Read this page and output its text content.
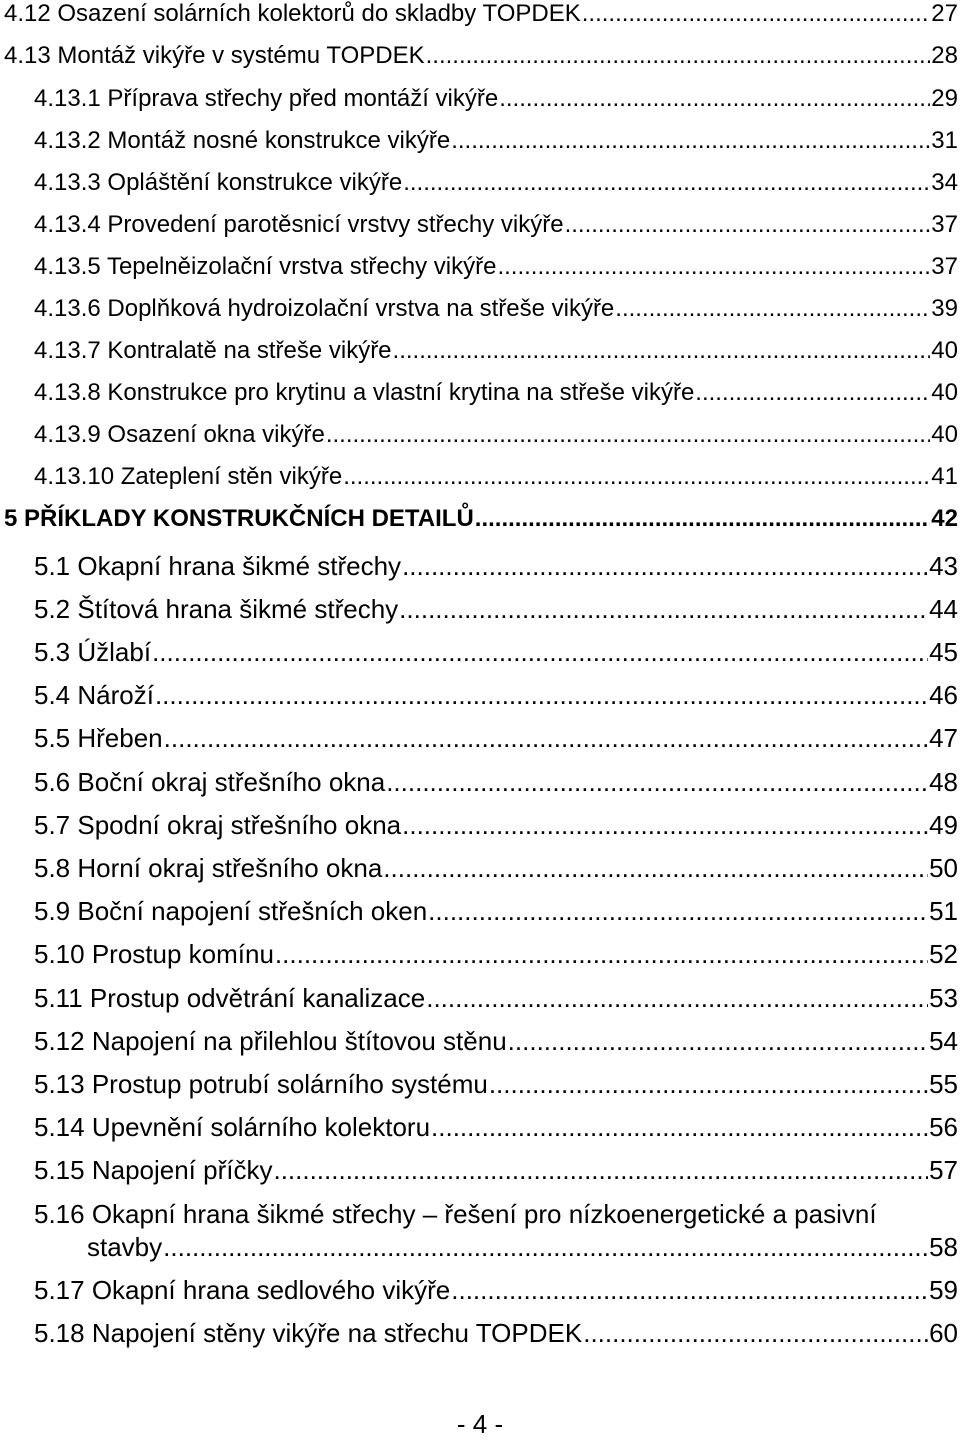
4.12 Osazení solárních kolektorů do skladby TOPDEK .....	27
4.13 Montáž vikýře v systému TOPDEK .....	28
4.13.1 Příprava střechy před montáží vikýře .....	29
4.13.2 Montáž nosné konstrukce vikýře .....	31
4.13.3 Opláštění konstrukce vikýře .....	34
4.13.4 Provedení parotěsnicí vrstvy střechy vikýře .....	37
4.13.5 Tepelněizolační vrstva střechy vikýře .....	37
4.13.6 Doplňková hydroizolační vrstva na střeše vikýře .....	39
4.13.7 Kontralatě na střeše vikýře .....	40
4.13.8 Konstrukce pro krytinu a vlastní krytina na střeše vikýře .....	40
4.13.9 Osazení okna vikýře .....	40
4.13.10 Zateplení stěn vikýře .....	41
5 PŘÍKLADY KONSTRUKČNÍCH DETAILŮ .....	42
5.1 Okapní hrana šikmé střechy .....	43
5.2 Štítová hrana šikmé střechy .....	44
5.3 Úžlabí .....	45
5.4 Nároží .....	46
5.5 Hřeben .....	47
5.6 Boční okraj střešního okna .....	48
5.7 Spodní okraj střešního okna .....	49
5.8 Horní okraj střešního okna .....	50
5.9 Boční napojení střešních oken .....	51
5.10 Prostup komínu .....	52
5.11 Prostup odvětrání kanalizace .....	53
5.12 Napojení na přilehlou štítovou stěnu .....	54
5.13 Prostup potrubí solárního systému .....	55
5.14 Upevnění solárního kolektoru .....	56
5.15 Napojení příčky .....	57
5.16 Okapní hrana šikmé střechy – řešení pro nízkoenergetické a pasivní
stavby .....	58
5.17 Okapní hrana sedlového vikýře .....	59
5.18 Napojení stěny vikýře na střechu TOPDEK .....	60
- 4 -
